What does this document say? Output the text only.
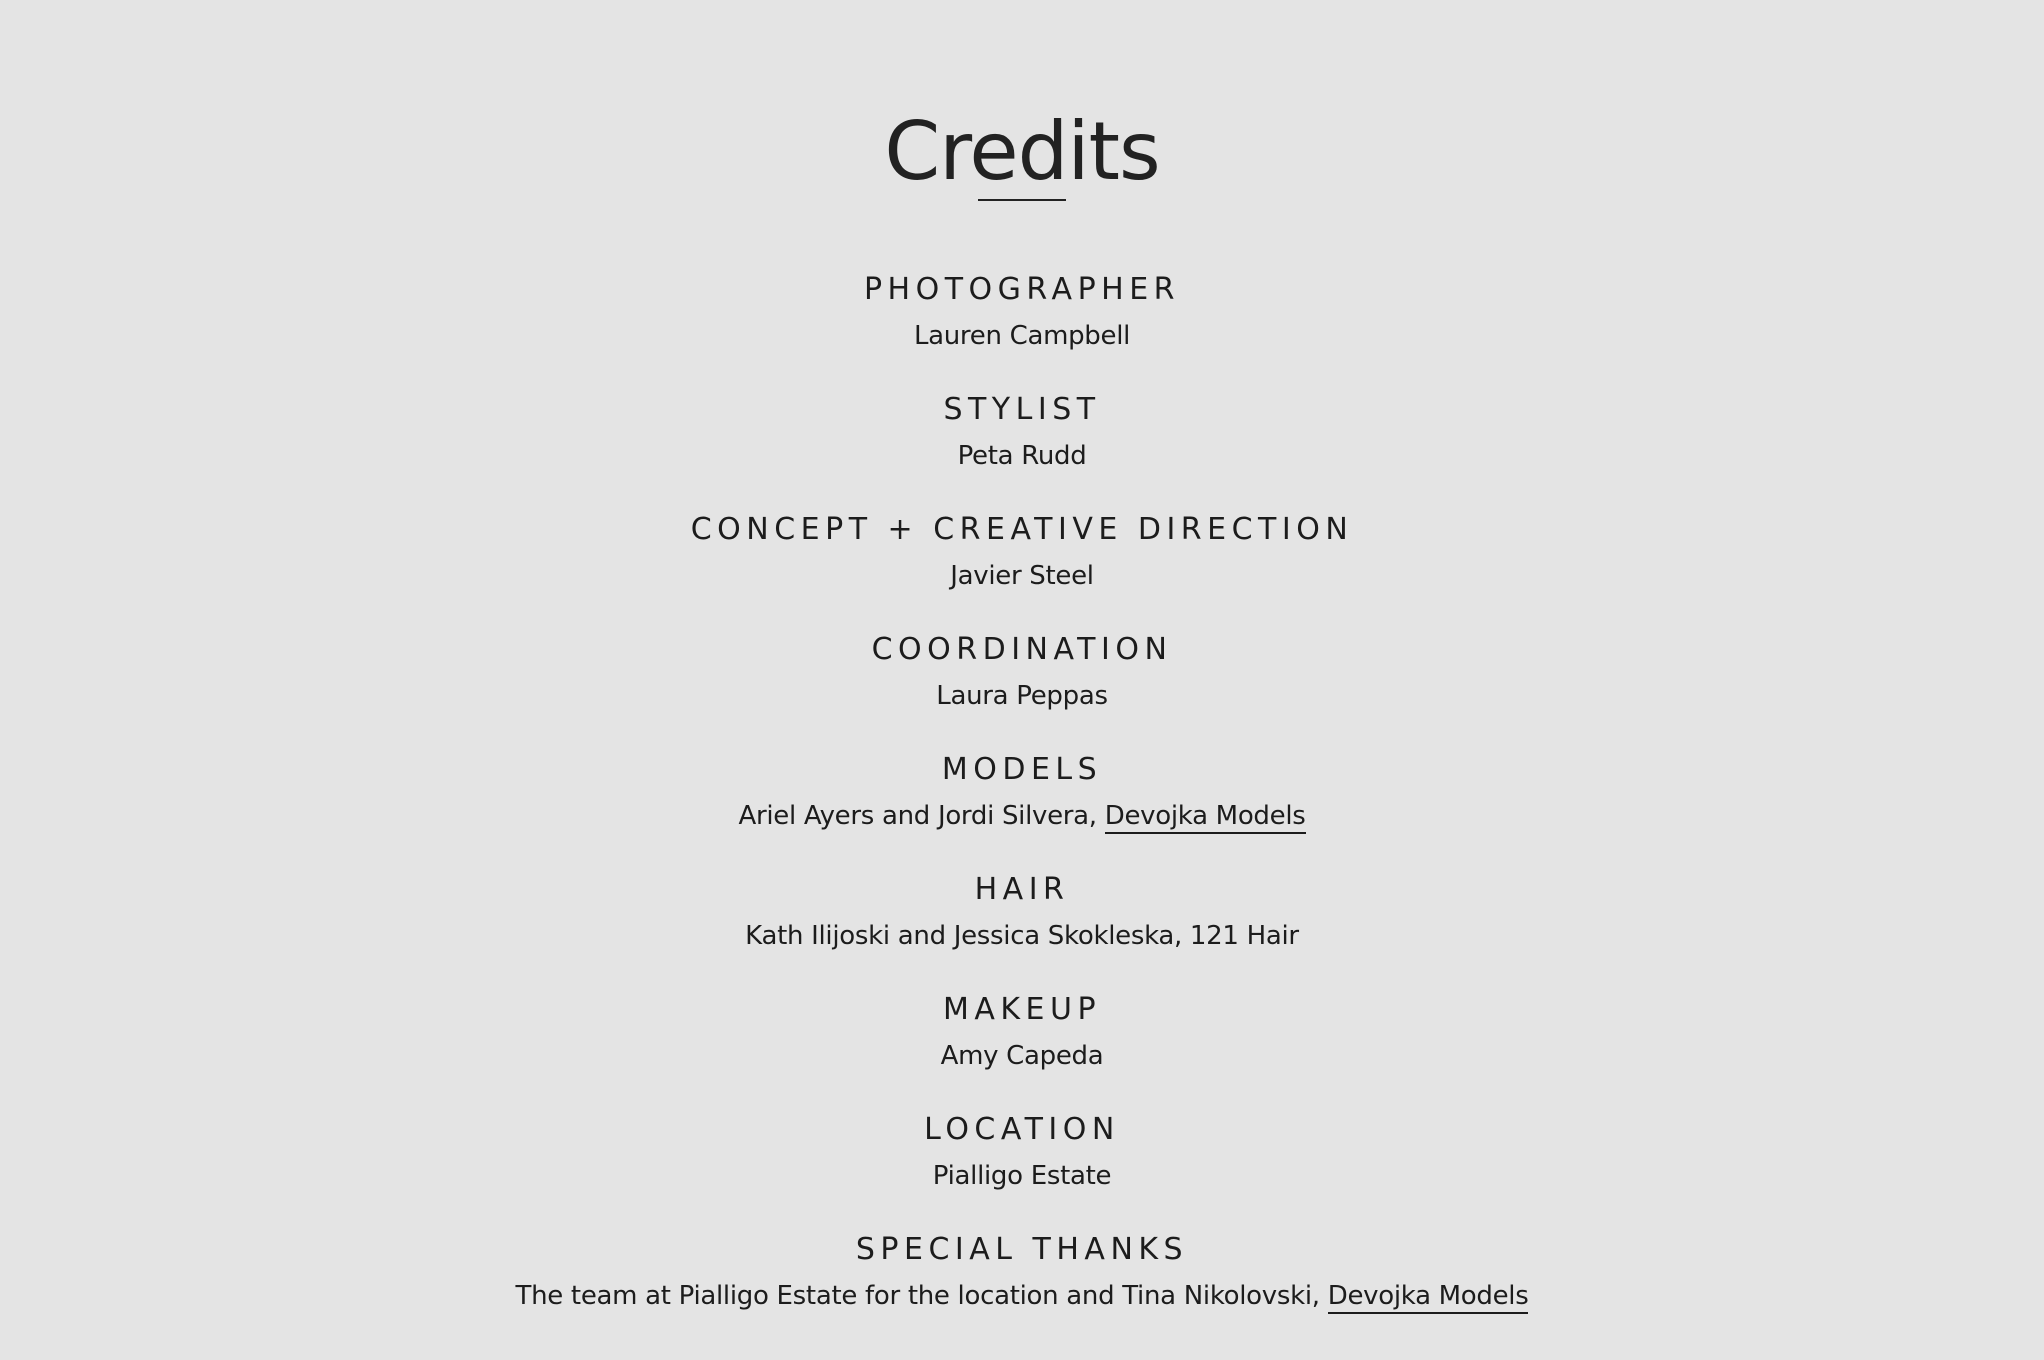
Credits
PHOTOGRAPHER
Lauren Campbell
STYLIST
Peta Rudd
CONCEPT + CREATIVE DIRECTION
Javier Steel
COORDINATION
Laura Peppas
MODELS
Ariel Ayers and Jordi Silvera, Devojka Models
HAIR
Kath Ilijoski and Jessica Skokleska, 121 Hair
MAKEUP
Amy Capeda
LOCATION
Pialligo Estate
SPECIAL THANKS
The team at Pialligo Estate for the location and Tina Nikolovski, Devojka Models
